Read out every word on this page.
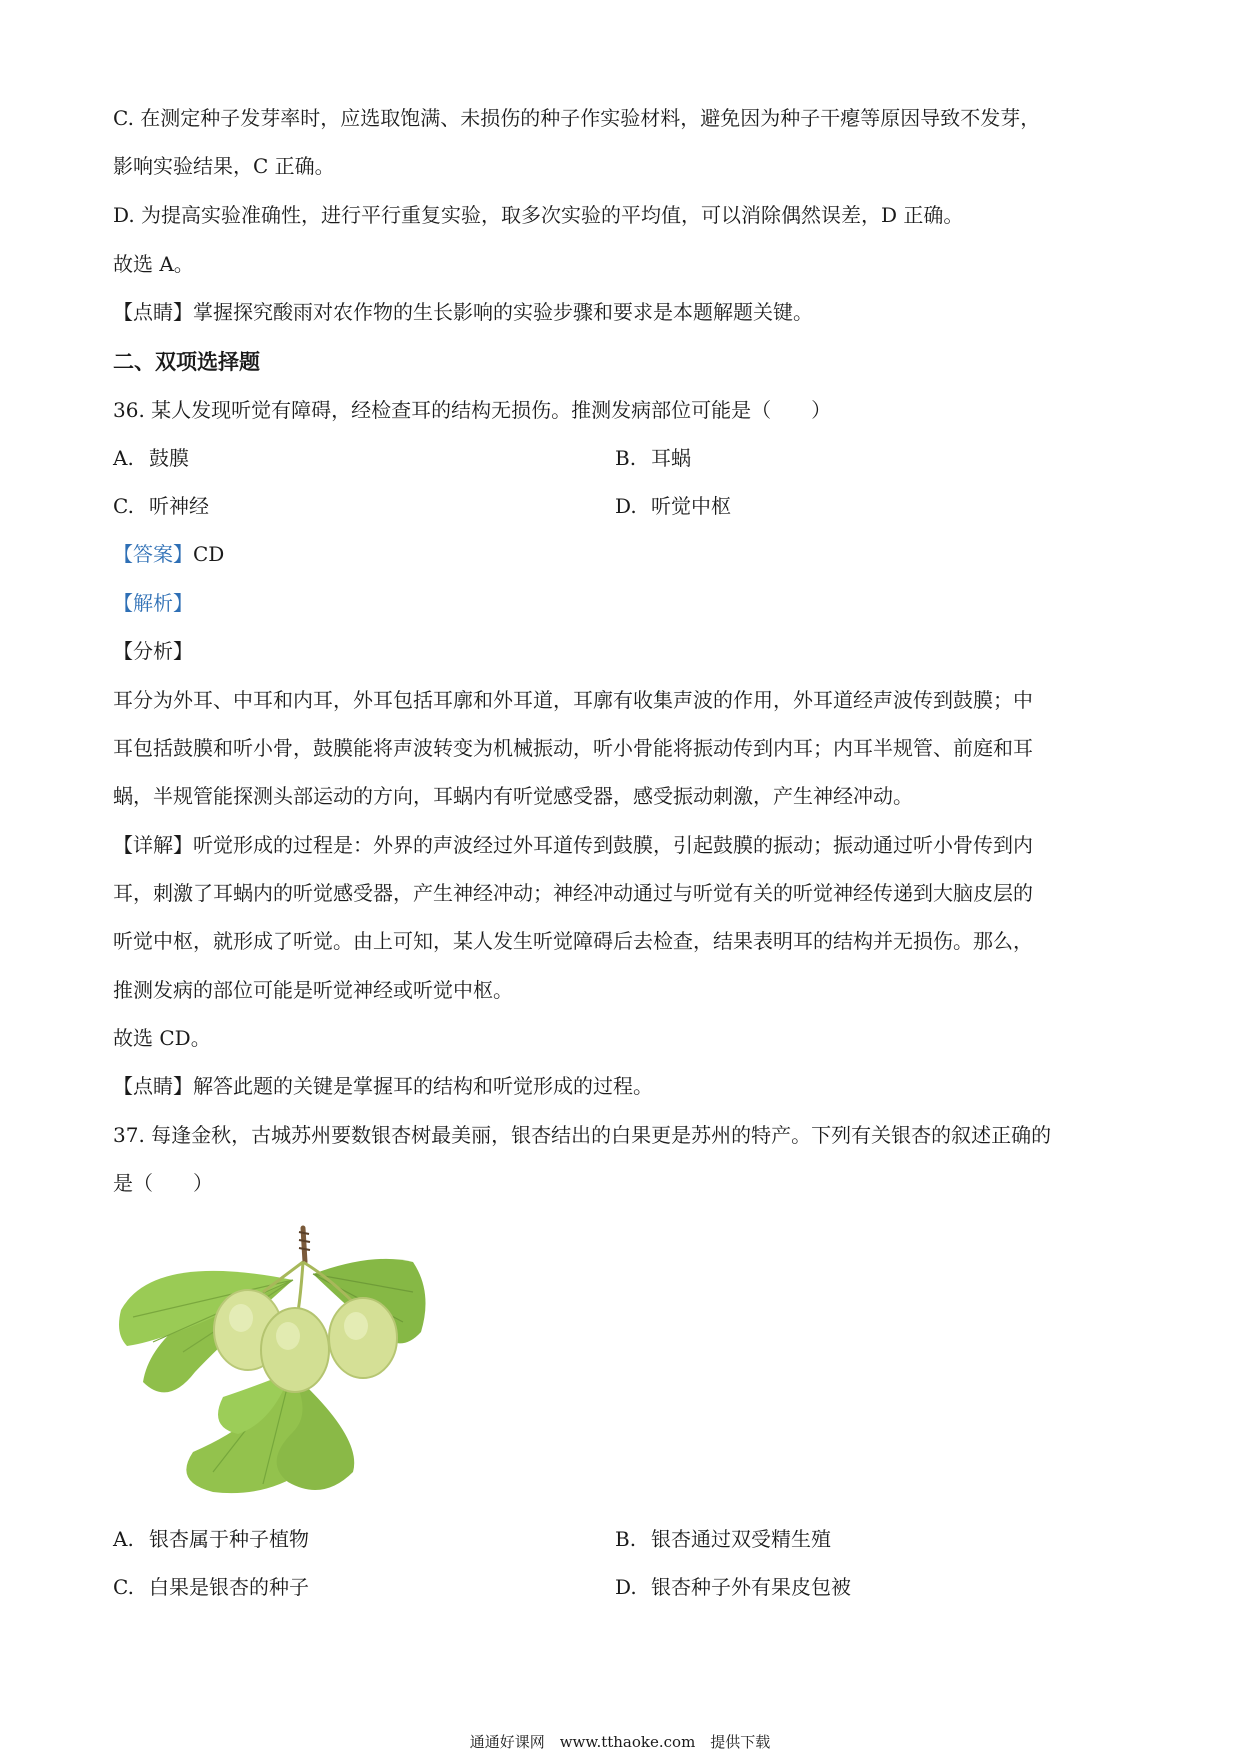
C. 在测定种子发芽率时，应选取饱满、未损伤的种子作实验材料，避免因为种子干瘪等原因导致不发芽，
影响实验结果，C 正确。
D. 为提高实验准确性，进行平行重复实验，取多次实验的平均值，可以消除偶然误差，D 正确。
故选 A。
【点睛】掌握探究酸雨对农作物的生长影响的实验步骤和要求是本题解题关键。
二、双项选择题
36. 某人发现听觉有障碍，经检查耳的结构无损伤。推测发病部位可能是（　　）
A. 鼓膜	B. 耳蜗
C. 听神经	D. 听觉中枢
【答案】CD
【解析】
【分析】
耳分为外耳、中耳和内耳，外耳包括耳廓和外耳道，耳廓有收集声波的作用，外耳道经声波传到鼓膜；中
耳包括鼓膜和听小骨，鼓膜能将声波转变为机械振动，听小骨能将振动传到内耳；内耳半规管、前庭和耳
蜗，半规管能探测头部运动的方向，耳蜗内有听觉感受器，感受振动刺激，产生神经冲动。
【详解】听觉形成的过程是：外界的声波经过外耳道传到鼓膜，引起鼓膜的振动；振动通过听小骨传到内
耳，刺激了耳蜗内的听觉感受器，产生神经冲动；神经冲动通过与听觉有关的听觉神经传递到大脑皮层的
听觉中枢，就形成了听觉。由上可知，某人发生听觉障碍后去检查，结果表明耳的结构并无损伤。那么，
推测发病的部位可能是听觉神经或听觉中枢。
故选 CD。
【点睛】解答此题的关键是掌握耳的结构和听觉形成的过程。
37. 每逢金秋，古城苏州要数银杏树最美丽，银杏结出的白果更是苏州的特产。下列有关银杏的叙述正确的
是（　　）
A. 银杏属于种子植物	B. 银杏通过双受精生殖
C. 白果是银杏的种子	D. 银杏种子外有果皮包被
通通好课网　www.tthaoke.com　提供下载
